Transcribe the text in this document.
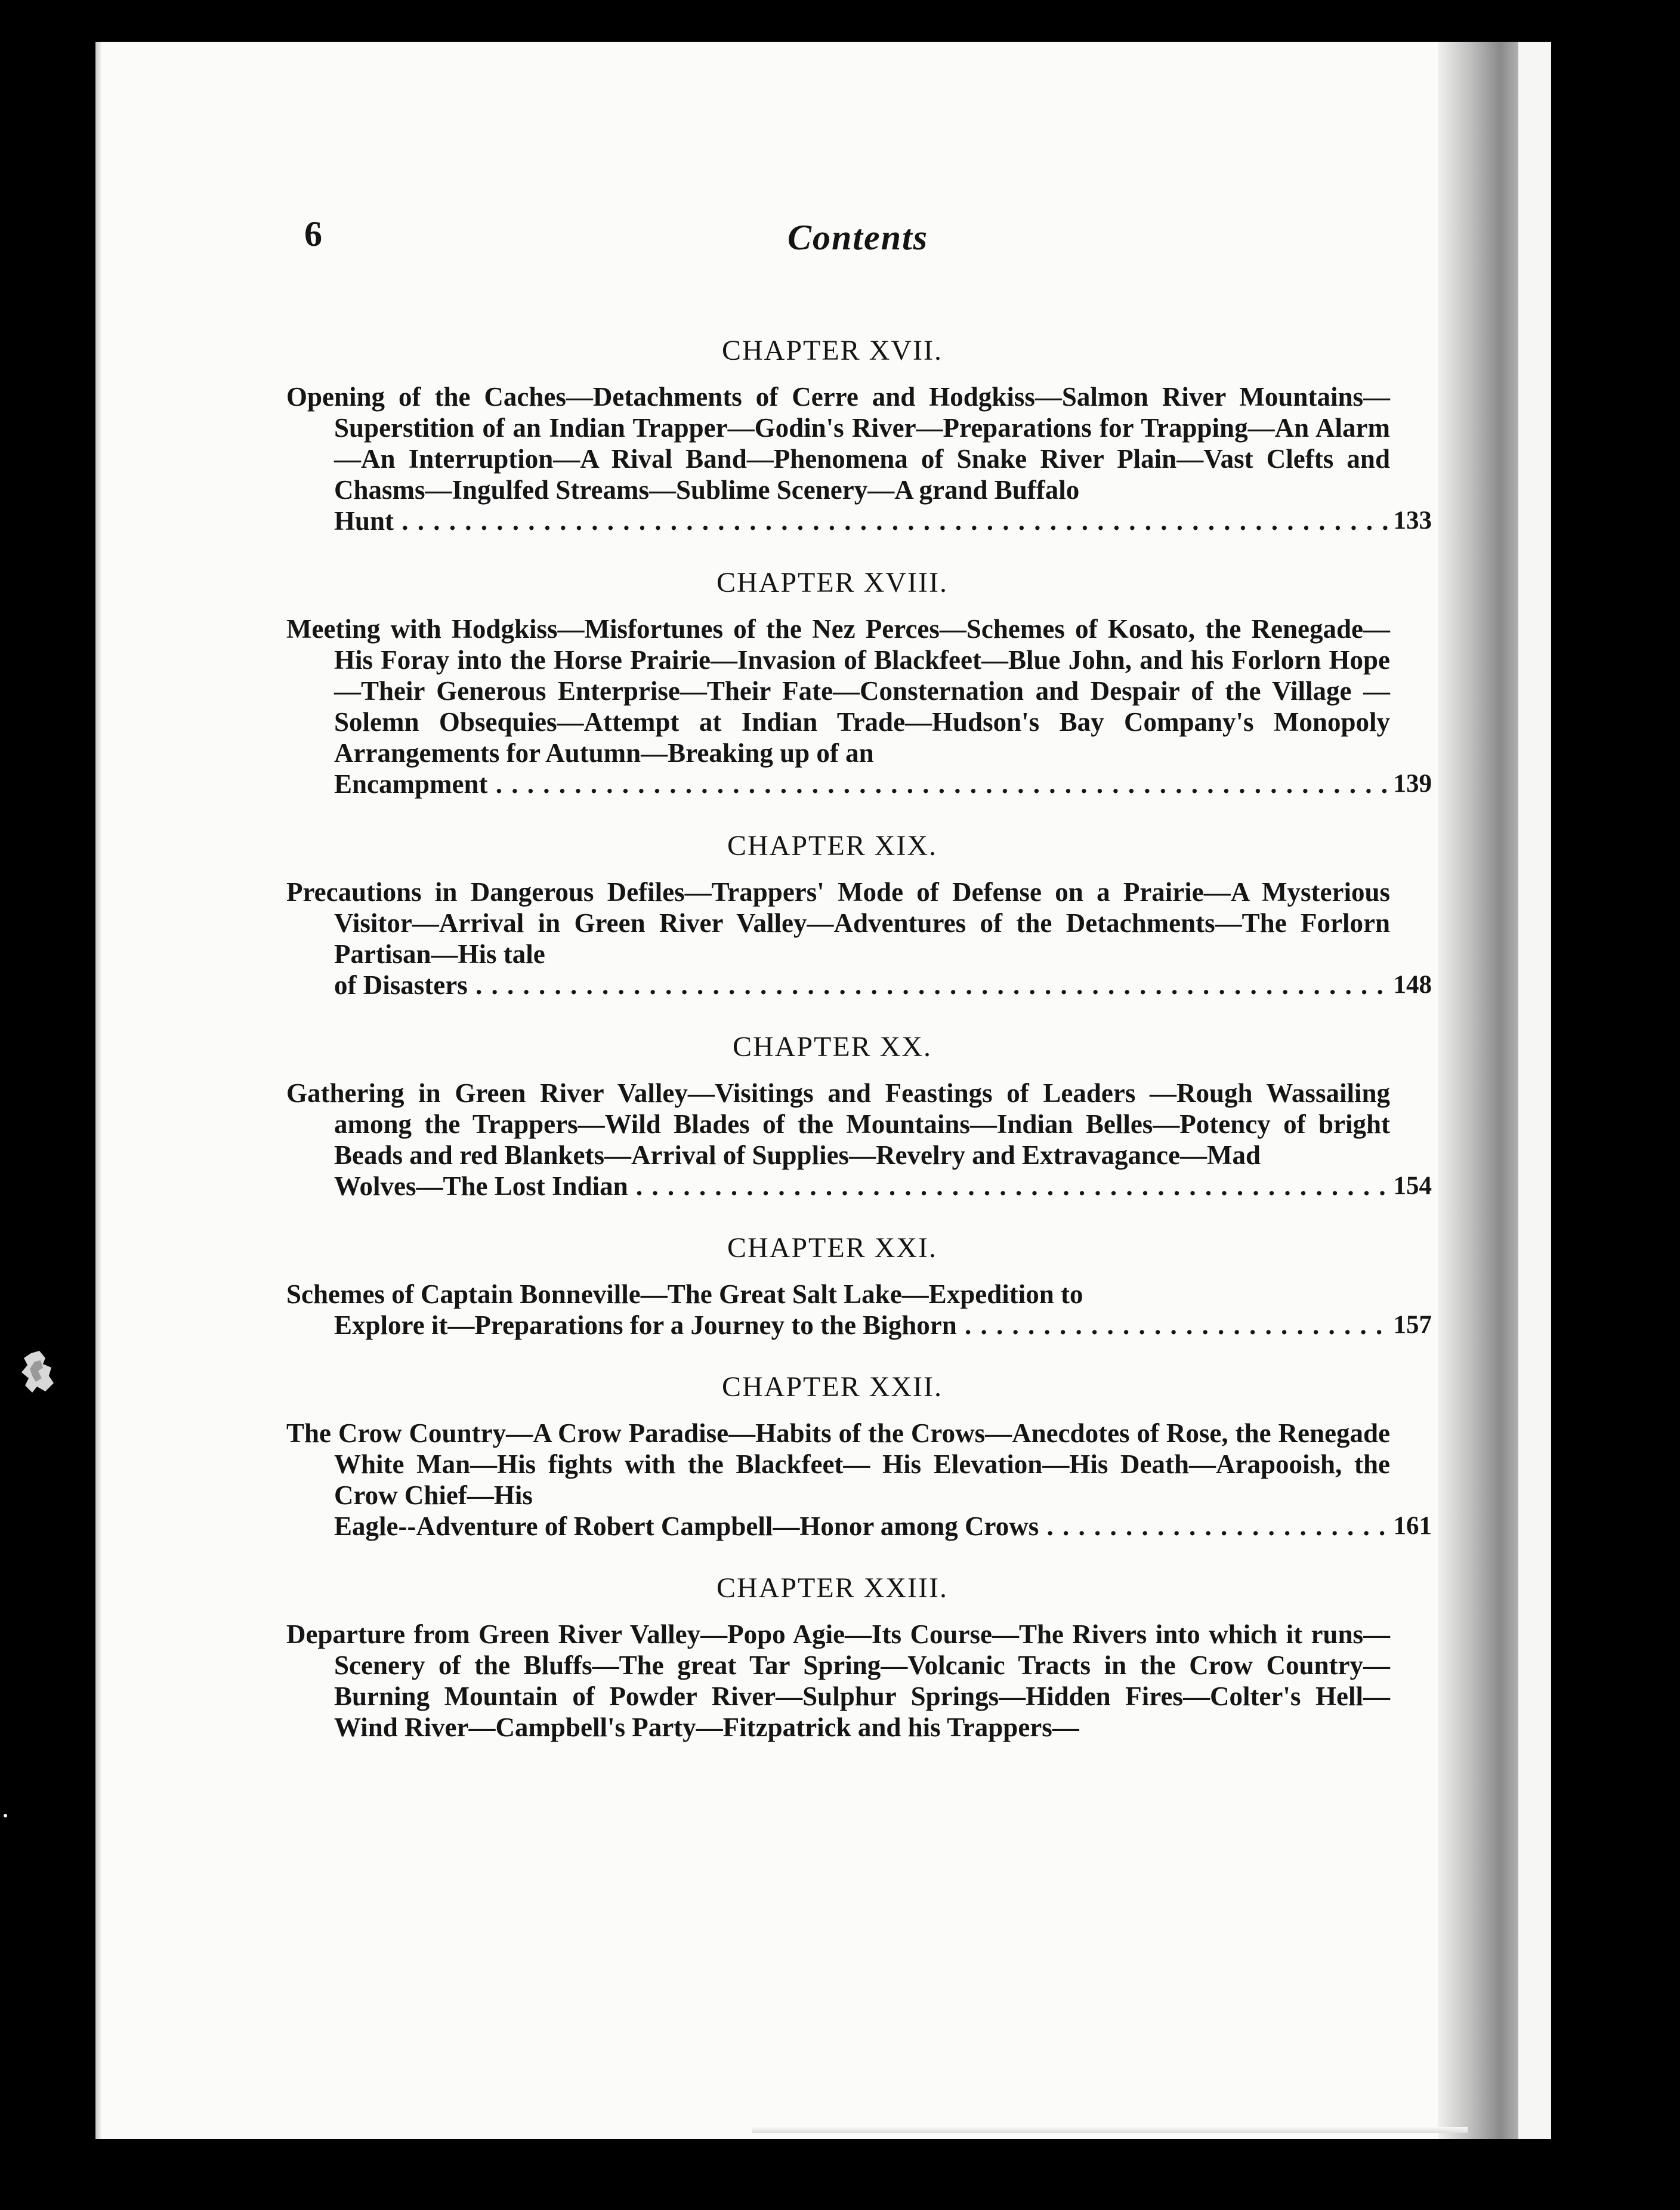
6	Contents
CHAPTER XVII.
Opening of the Caches—Detachments of Cerre and Hodgkiss—Salmon River Mountains—Superstition of an Indian Trapper—Godin's River—Preparations for Trapping—An Alarm—An Interruption—A Rival Band—Phenomena of Snake River Plain—Vast Clefts and Chasms—Ingulfed Streams—Sublime Scenery—A grand Buffalo
Hunt . . .	133
CHAPTER XVIII.
Meeting with Hodgkiss—Misfortunes of the Nez Perces—Schemes of Kosato, the Renegade—His Foray into the Horse Prairie—Invasion of Blackfeet—Blue John, and his Forlorn Hope—Their Generous Enterprise—Their Fate—Consternation and Despair of the Village —Solemn Obsequies—Attempt at Indian Trade—Hudson's Bay Company's Monopoly Arrangements for Autumn—Breaking up of an
Encampment . . .	139
CHAPTER XIX.
Precautions in Dangerous Defiles—Trappers' Mode of Defense on a Prairie—A Mysterious Visitor—Arrival in Green River Valley—Adventures of the Detachments—The Forlorn Partisan—His tale
of Disasters . . .	148
CHAPTER XX.
Gathering in Green River Valley—Visitings and Feastings of Leaders —Rough Wassailing among the Trappers—Wild Blades of the Mountains—Indian Belles—Potency of bright Beads and red Blankets—Arrival of Supplies—Revelry and Extravagance—Mad
Wolves—The Lost Indian . . .	154
CHAPTER XXI.
Schemes of Captain Bonneville—The Great Salt Lake—Expedition to
Explore it—Preparations for a Journey to the Bighorn . . .	157
CHAPTER XXII.
The Crow Country—A Crow Paradise—Habits of the Crows—Anecdotes of Rose, the Renegade White Man—His fights with the Blackfeet— His Elevation—His Death—Arapooish, the Crow Chief—His
Eagle--Adventure of Robert Campbell—Honor among Crows . . .	161
CHAPTER XXIII.
Departure from Green River Valley—Popo Agie—Its Course—The Rivers into which it runs—Scenery of the Bluffs—The great Tar Spring—Volcanic Tracts in the Crow Country—Burning Mountain of Powder River—Sulphur Springs—Hidden Fires—Colter's Hell—Wind River—Campbell's Party—Fitzpatrick and his Trappers—
